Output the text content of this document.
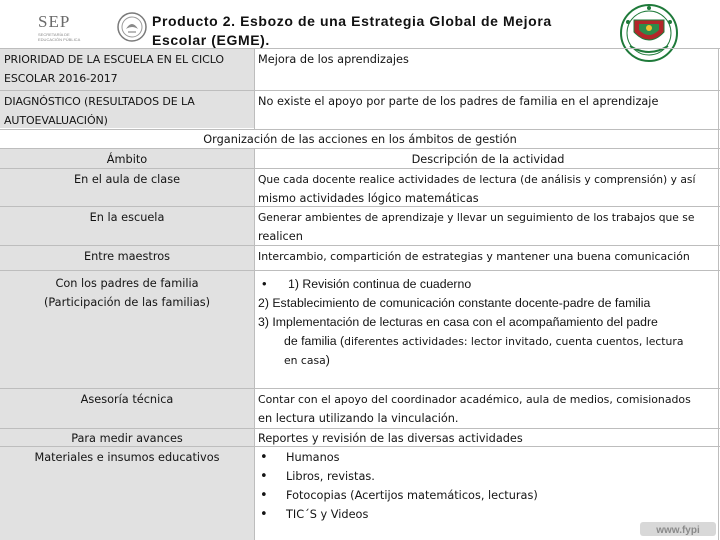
SEP
SECRETARÍA DE EDUCACIÓN PÚBLICA
Producto 2. Esbozo de una Estrategia Global de Mejora
Escolar (EGME).
PRIORIDAD DE LA ESCUELA EN EL CICLO
ESCOLAR 2016-2017
Mejora de los aprendizajes
DIAGNÓSTICO (RESULTADOS DE LA
AUTOEVALUACIÓN)
No existe el apoyo por parte de los padres de familia en el aprendizaje
Organización de las acciones en los ámbitos de gestión
Ámbito	Descripción de la actividad
En el aula de clase	Que cada docente realice actividades de lectura (de análisis y comprensión) y así
mismo actividades lógico matemáticas
En la escuela	Generar ambientes de aprendizaje y llevar un seguimiento de los trabajos que se
realicen
Entre maestros	Intercambio, compartición de estrategias y mantener una buena comunicación
Con los padres de familia
(Participación de las familias)
• 1) Revisión continua de cuaderno
2) Establecimiento de comunicación constante docente-padre de familia
3) Implementación de lecturas en casa con el acompañamiento del padre
de familia (diferentes actividades: lector invitado, cuenta cuentos, lectura
en casa)
Asesoría técnica	Contar con el apoyo del coordinador académico, aula de medios, comisionados
en lectura utilizando la vinculación.
Para medir avances	Reportes y revisión de las diversas actividades
Materiales e insumos educativos
•	Humanos
• Libros, revistas.
• Fotocopias (Acertijos matemáticos, lecturas)
• TIC´S y Videos
www.fypi
